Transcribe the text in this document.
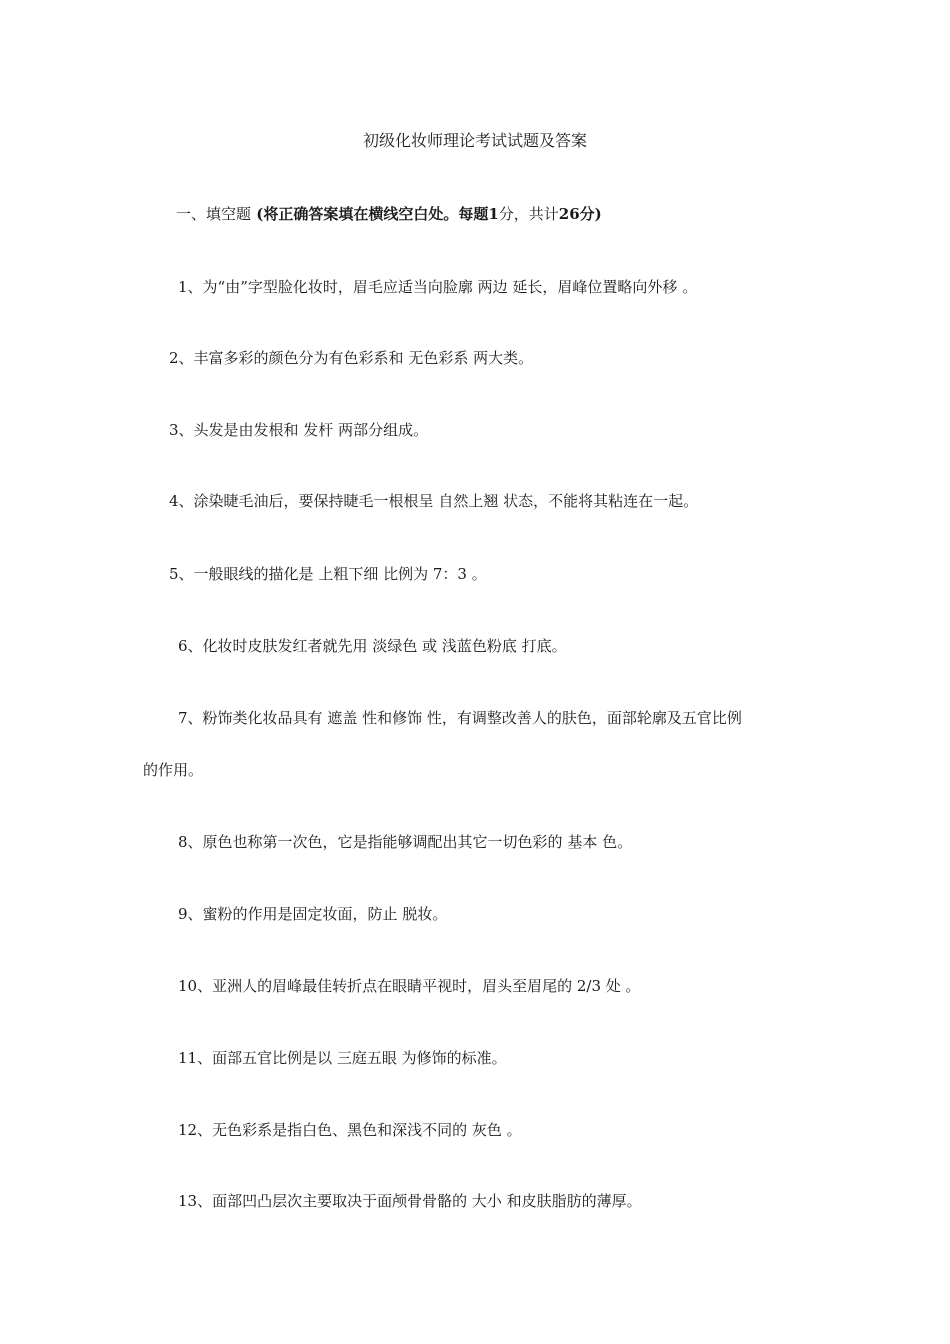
初级化妆师理论考试试题及答案
一、填空题 (将正确答案填在横线空白处。每题1分，共计26分)
1、为“由”字型脸化妆时，眉毛应适当向脸廓 两边 延长，眉峰位置略向外移 。
2、丰富多彩的颜色分为有色彩系和 无色彩系 两大类。
3、头发是由发根和 发杆 两部分组成。
4、涂染睫毛油后，要保持睫毛一根根呈 自然上翘 状态，不能将其粘连在一起。
5、一般眼线的描化是 上粗下细 比例为 7：3 。
6、化妆时皮肤发红者就先用 淡绿色 或 浅蓝色粉底 打底。
7、粉饰类化妆品具有 遮盖 性和修饰 性，有调整改善人的肤色，面部轮廓及五官比例
的作用。
8、原色也称第一次色，它是指能够调配出其它一切色彩的 基本 色。
9、蜜粉的作用是固定妆面，防止 脱妆。
10、亚洲人的眉峰最佳转折点在眼睛平视时，眉头至眉尾的 2/3 处 。
11、面部五官比例是以 三庭五眼 为修饰的标准。
12、无色彩系是指白色、黑色和深浅不同的 灰色 。
13、面部凹凸层次主要取决于面颅骨骨骼的 大小 和皮肤脂肪的薄厚。
